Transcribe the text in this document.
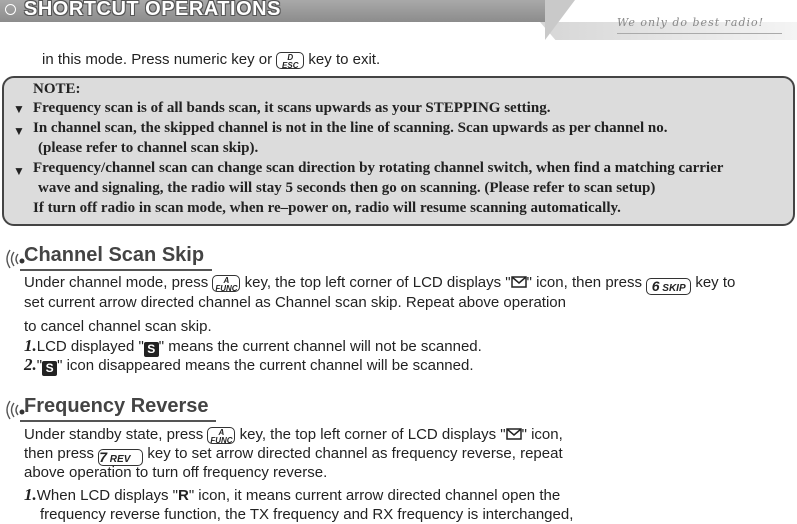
SHORTCUT OPERATIONS
We only do best radio!
in this mode. Press numeric key or D
ESC key to exit.
NOTE:
▼ Frequency scan is of all bands scan, it scans upwards as your STEPPING setting.
▼ In channel scan, the skipped channel is not in the line of scanning. Scan upwards as per channel no.
(please refer to channel scan skip).
▼ Frequency/channel scan can change scan direction by rotating channel switch, when find a matching carrier
wave and signaling, the radio will stay 5 seconds then go on scanning. (Please refer to scan setup)
If turn off radio in scan mode, when re–power on, radio will resume scanning automatically.
Channel Scan Skip
Under channel mode, press A
FUNC key, the top left corner of LCD displays " " icon, then press 6 SKIP key to
set current arrow directed channel as Channel scan skip. Repeat above operation
to cancel channel scan skip.
1.LCD displayed " S " means the current channel will not be scanned.
2." S " icon disappeared means the current channel will be scanned.
Frequency Reverse
Under standby state, press A
FUNC key, the top left corner of LCD displays " " icon,
then press 7 REV key to set arrow directed channel as frequency reverse, repeat
above operation to turn off frequency reverse.
1.When LCD displays "R" icon, it means current arrow directed channel open the
frequency reverse function, the TX frequency and RX frequency is interchanged,
